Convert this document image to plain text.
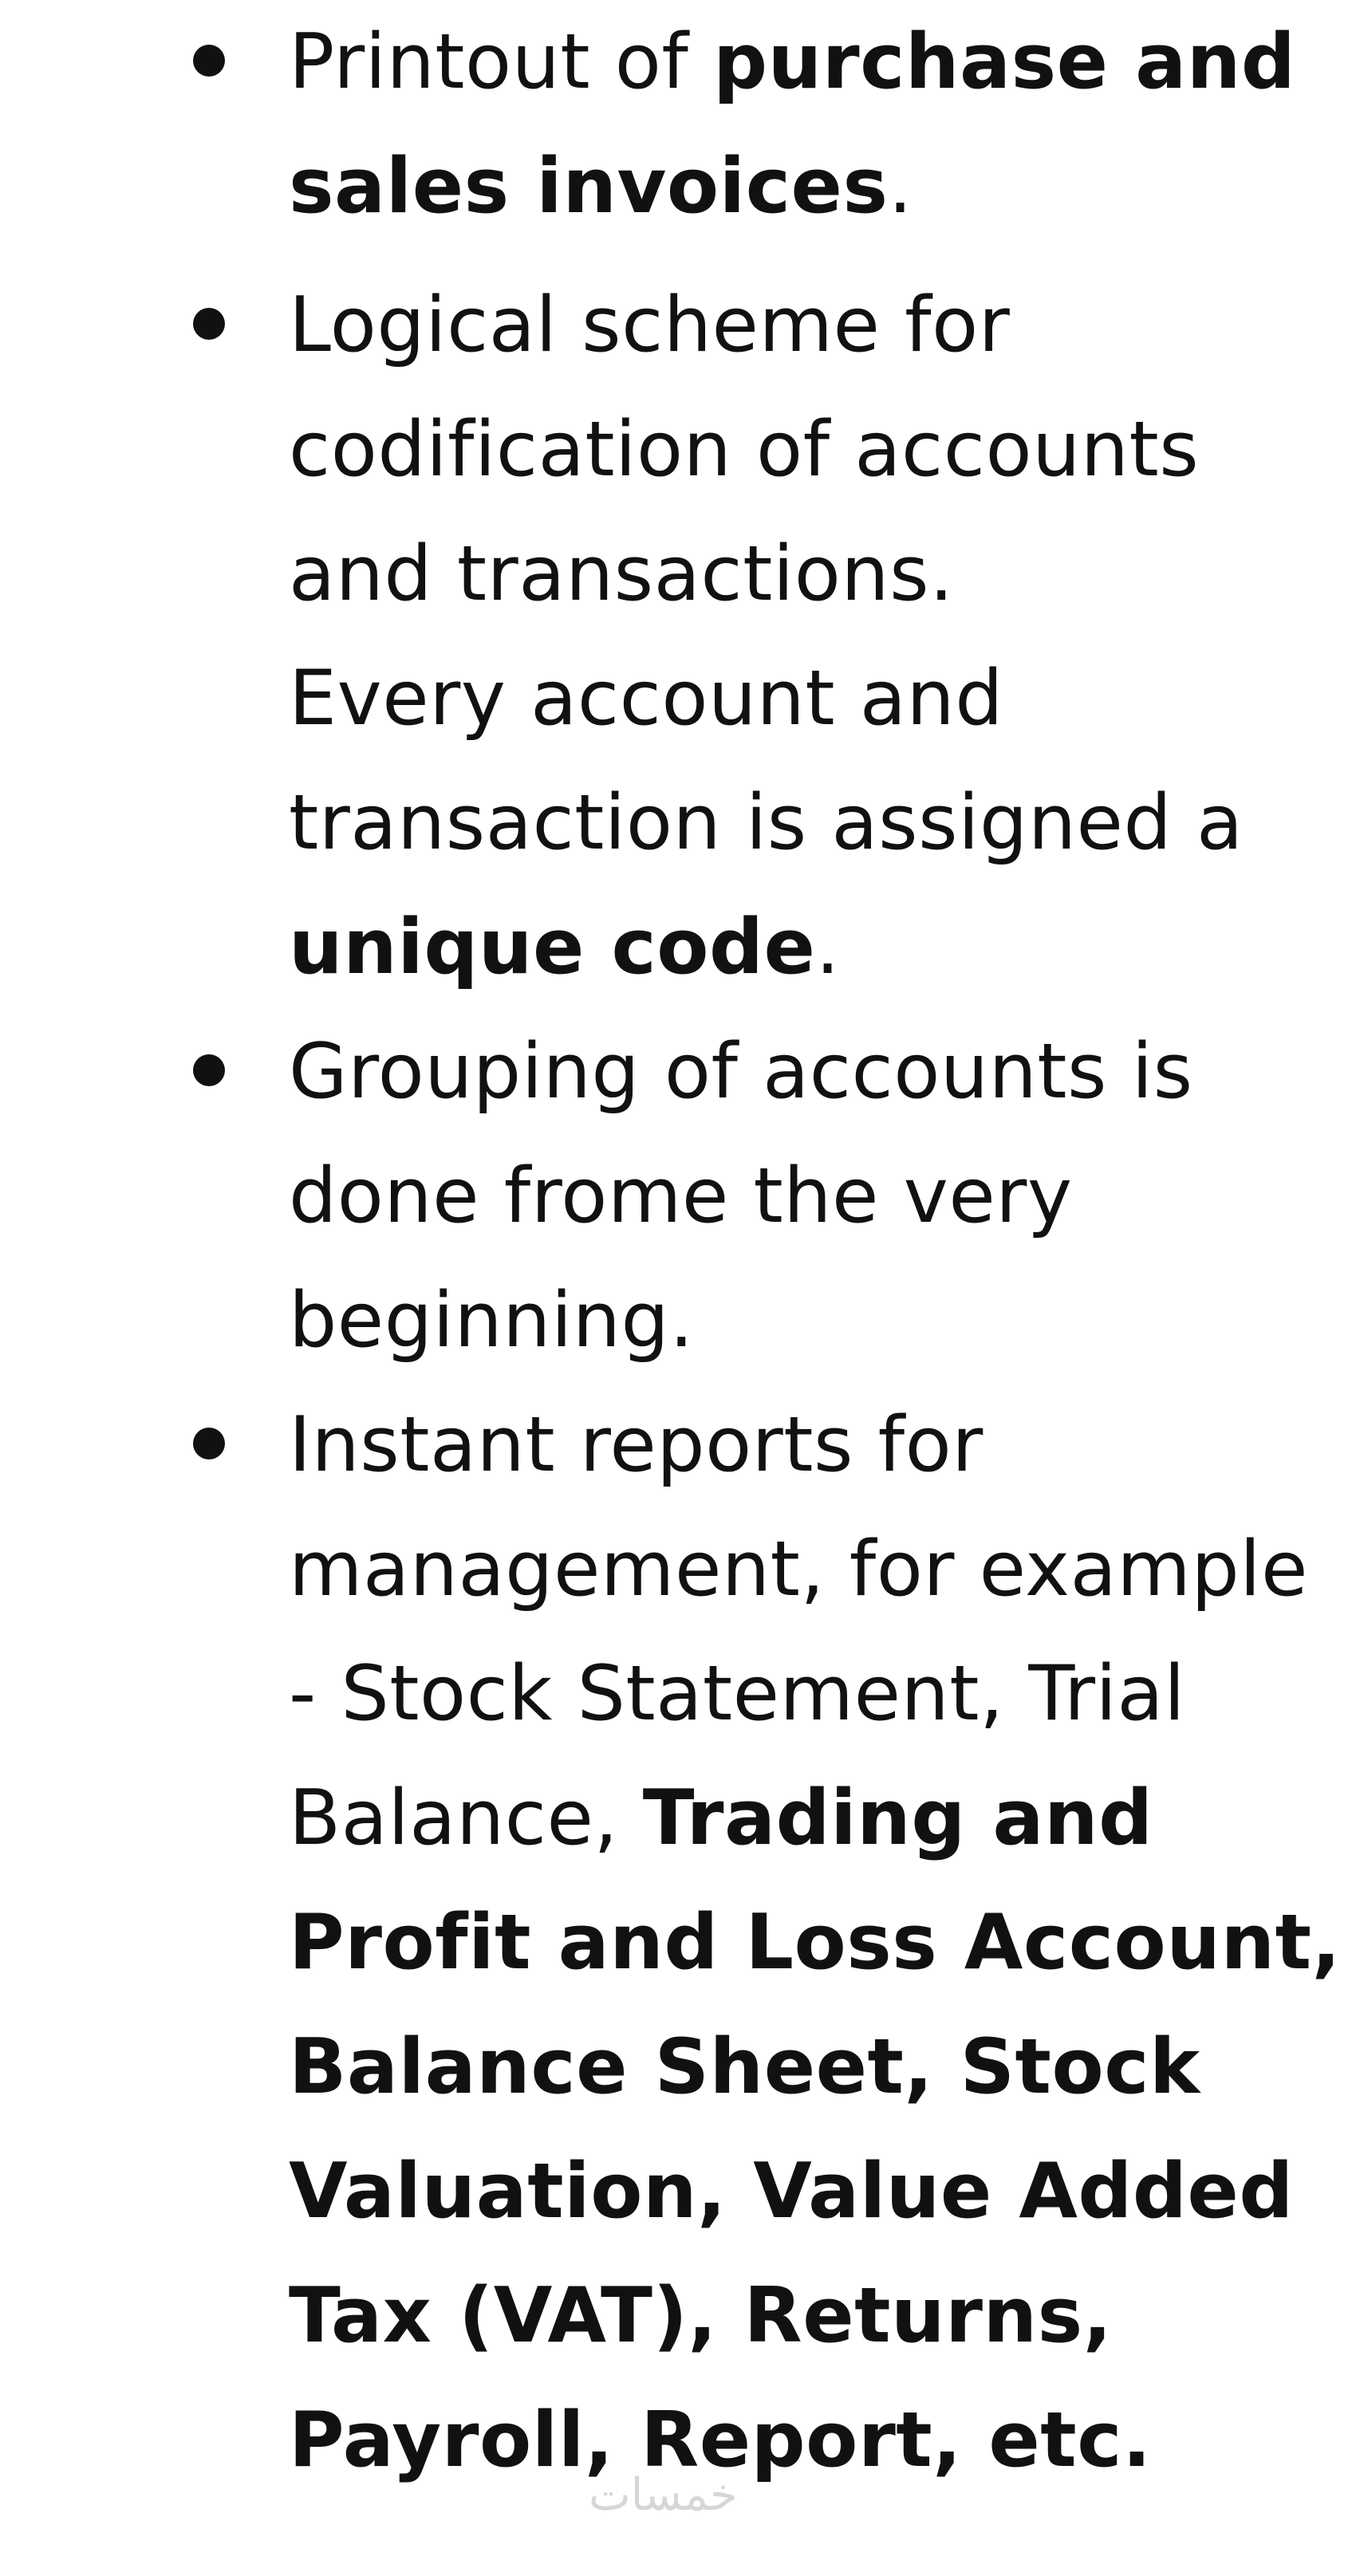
Printout of purchase and
sales invoices.
Logical scheme for
codification of accounts
and transactions.
Every account and
transaction is assigned a
unique code.
Grouping of accounts is
done frome the very
beginning.
Instant reports for
management, for example
- Stock Statement, Trial
Balance, Trading and
Profit and Loss Account,
Balance Sheet, Stock
Valuation, Value Added
Tax (VAT), Returns,
Payroll, Report, etc.
خمسات
